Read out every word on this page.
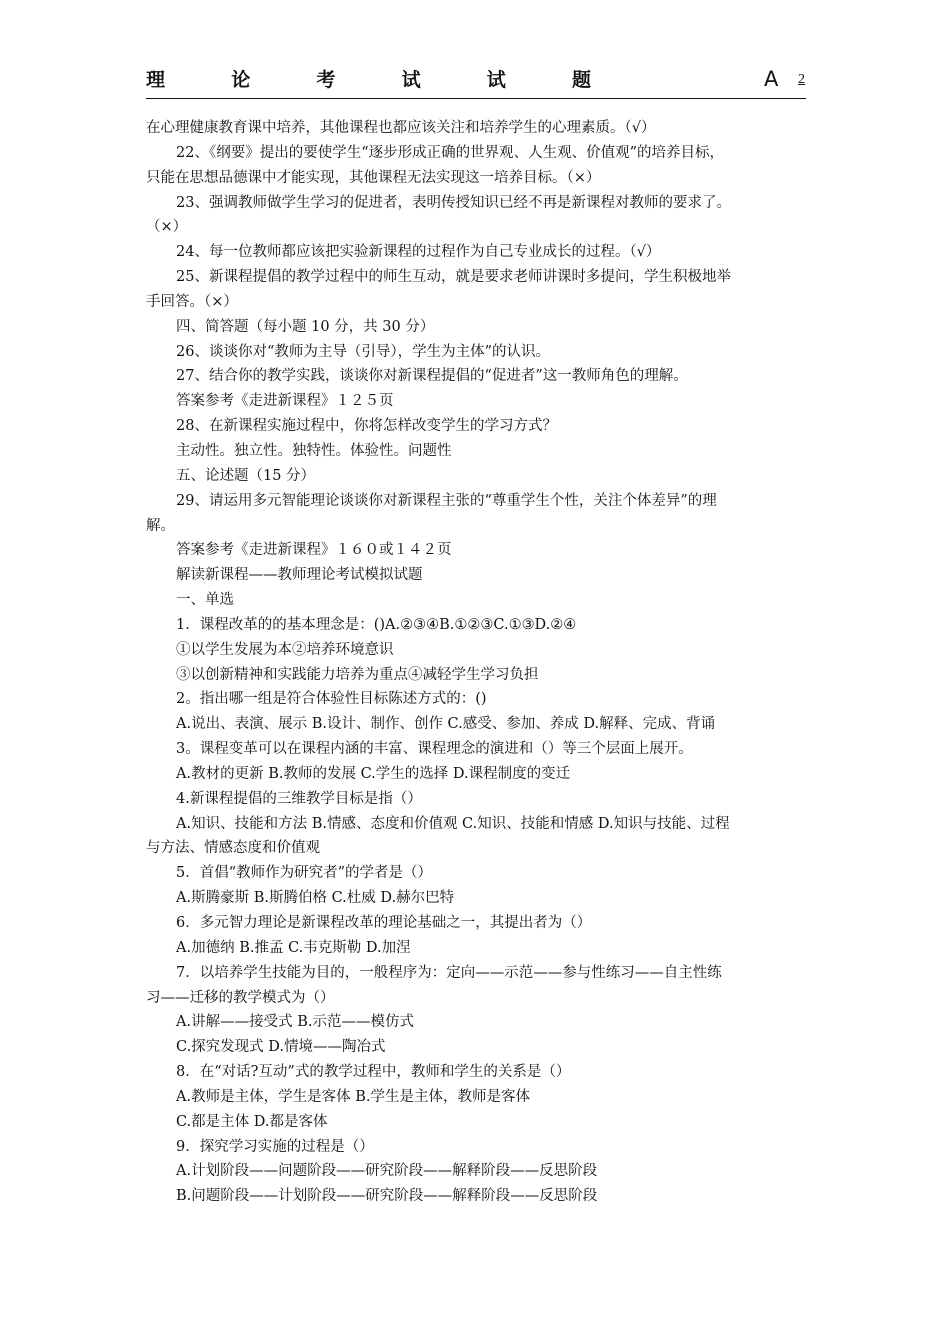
理	论	考	试	试	题	A 2
在心理健康教育课中培养，其他课程也都应该关注和培养学生的心理素质。（√）
22、《纲要》提出的要使学生“逐步形成正确的世界观、人生观、价值观”的培养目标，
只能在思想品德课中才能实现，其他课程无法实现这一培养目标。（×）
23、强调教师做学生学习的促进者，表明传授知识已经不再是新课程对教师的要求了。
（×）
24、每一位教师都应该把实验新课程的过程作为自己专业成长的过程。（√）
25、新课程提倡的教学过程中的师生互动，就是要求老师讲课时多提问，学生积极地举
手回答。（×）
四、简答题（每小题 10 分，共 30 分）
26、谈谈你对“教师为主导（引导），学生为主体”的认识。
27、结合你的教学实践，谈谈你对新课程提倡的“促进者”这一教师角色的理解。
答案参考《走进新课程》１２５页
28、在新课程实施过程中，你将怎样改变学生的学习方式？
主动性。独立性。独特性。体验性。问题性
五、论述题（15 分）
29、请运用多元智能理论谈谈你对新课程主张的“尊重学生个性，关注个体差异”的理
解。
答案参考《走进新课程》１６０或１４２页
解读新课程——教师理论考试模拟试题
一、单选
1．课程改革的的基本理念是：()A.②③④B.①②③C.①③D.②④
①以学生发展为本②培养环境意识
③以创新精神和实践能力培养为重点④减轻学生学习负担
2。指出哪一组是符合体验性目标陈述方式的：()
A.说出、表演、展示 B.设计、制作、创作 C.感受、参加、养成 D.解释、完成、背诵
3。课程变革可以在课程内涵的丰富、课程理念的演进和（）等三个层面上展开。
A.教材的更新 B.教师的发展 C.学生的选择 D.课程制度的变迁
4.新课程提倡的三维教学目标是指（）
A.知识、技能和方法 B.情感、态度和价值观 C.知识、技能和情感 D.知识与技能、过程
与方法、情感态度和价值观
5．首倡“教师作为研究者”的学者是（）
A.斯腾豪斯 B.斯腾伯格 C.杜威 D.赫尔巴特
6．多元智力理论是新课程改革的理论基础之一，其提出者为（）
A.加德纳 B.推孟 C.韦克斯勒 D.加涅
7．以培养学生技能为目的，一般程序为：定向——示范——参与性练习——自主性练
习——迁移的教学模式为（）
A.讲解——接受式 B.示范——模仿式
C.探究发现式 D.情境——陶冶式
8．在“对话?互动”式的教学过程中，教师和学生的关系是（）
A.教师是主体，学生是客体 B.学生是主体，教师是客体
C.都是主体 D.都是客体
9．探究学习实施的过程是（）
A.计划阶段——问题阶段——研究阶段——解释阶段——反思阶段
B.问题阶段——计划阶段——研究阶段——解释阶段——反思阶段
